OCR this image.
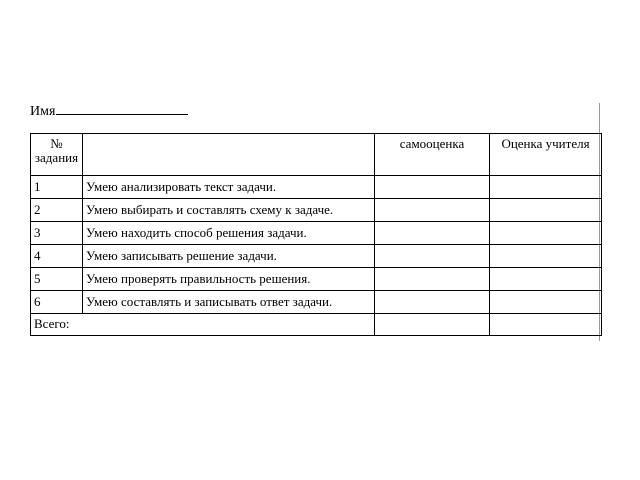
Имя
№
задания		самооценка	Оценка учителя
1	Умею анализировать текст задачи.		
2	Умею выбирать и составлять схему к задаче.		
3	Умею находить способ решения задачи.		
4	Умею записывать решение задачи.		
5	Умею проверять правильность решения.		
6	Умею составлять и записывать ответ задачи.		
Всего:			
